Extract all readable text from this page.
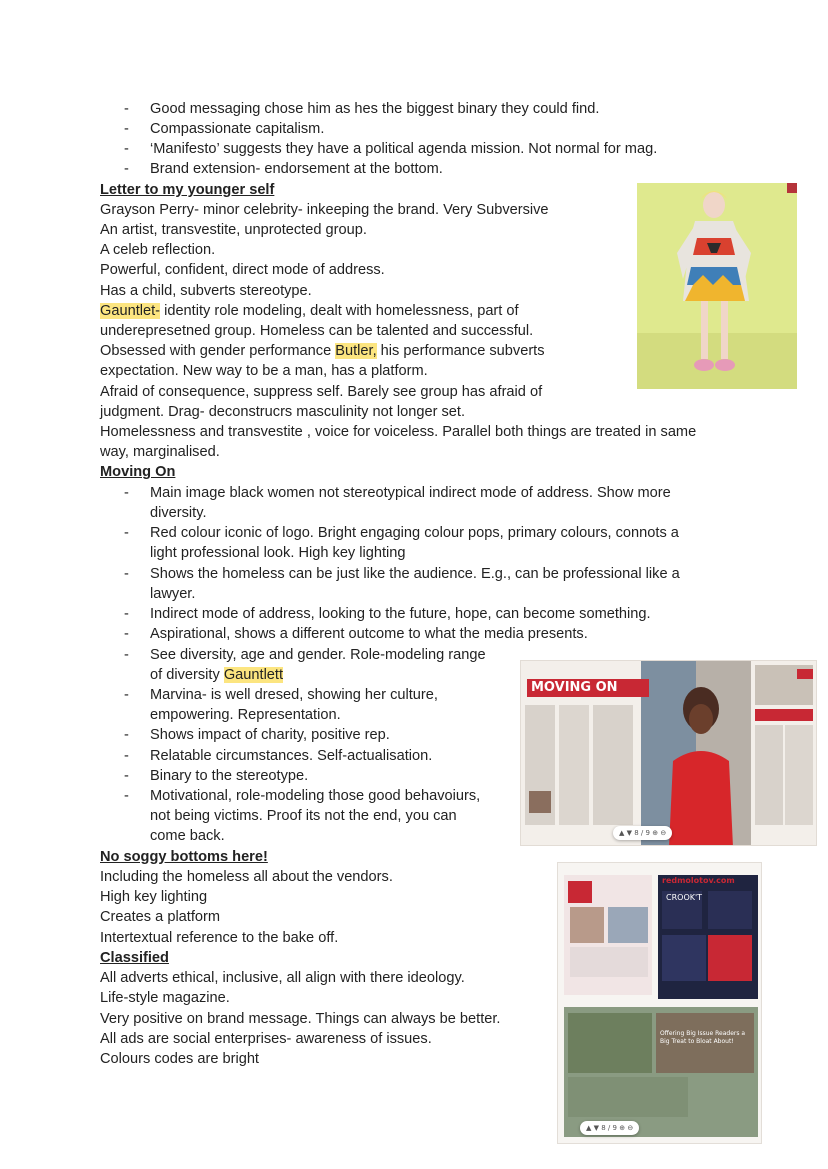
-	Good messaging chose him as hes the biggest binary they could find.
-	Compassionate capitalism.
-	‘Manifesto’ suggests they have a political agenda mission. Not normal for mag.
-	Brand extension- endorsement at the bottom.
Letter to my younger self
Grayson Perry- minor celebrity- inkeeping the brand. Very Subversive
An artist, transvestite, unprotected group.
A celeb reflection.
Powerful, confident, direct mode of address.
Has a child, subverts stereotype.
Gauntlet- identity role modeling, dealt with homelessness, part of
underepresetned group. Homeless can be talented and successful.
Obsessed with gender performance Butler, his performance subverts
expectation. New way to be a man, has a platform.
Afraid of consequence, suppress self. Barely see group has afraid of
judgment. Drag- deconstrucrs masculinity not longer set.
Homelessness and transvestite , voice for voiceless. Parallel both things are treated in same
way, marginalised.
Moving On
-	Main image black women not stereotypical indirect mode of address. Show more
diversity.
-	Red colour iconic of logo. Bright engaging colour pops, primary colours, connots a
light professional look. High key lighting
-	Shows the homeless can be just like the audience. E.g., can be professional like a
lawyer.
-	Indirect mode of address, looking to the future, hope, can become something.
-	Aspirational, shows a different outcome to what the media presents.
-	See diversity, age and gender. Role-modeling range
of diversity Gauntlett
-	Marvina- is well dresed, showing her culture,
empowering. Representation.
-	Shows impact of charity, positive rep.
-	Relatable circumstances. Self-actualisation.
-	Binary to the stereotype.
-	Motivational, role-modeling those good behavoiurs,
not being victims. Proof its not the end, you can
come back.
No soggy bottoms here!
Including the homeless all about the vendors.
High key lighting
Creates a platform
Intertextual reference to the bake off.
Classified
All adverts ethical, inclusive, all align with there ideology.
Life-style magazine.
Very positive on brand message. Things can always be better.
All ads are social enterprises- awareness of issues.
Colours codes are bright
MOVING ON
▲ ▼ 8 / 9 ⊕ ⊖
redmolotov.com
CROOK'T
Offering Big Issue Readers a Big Treat to Bloat About!
▲ ▼ 8 / 9 ⊕ ⊖
